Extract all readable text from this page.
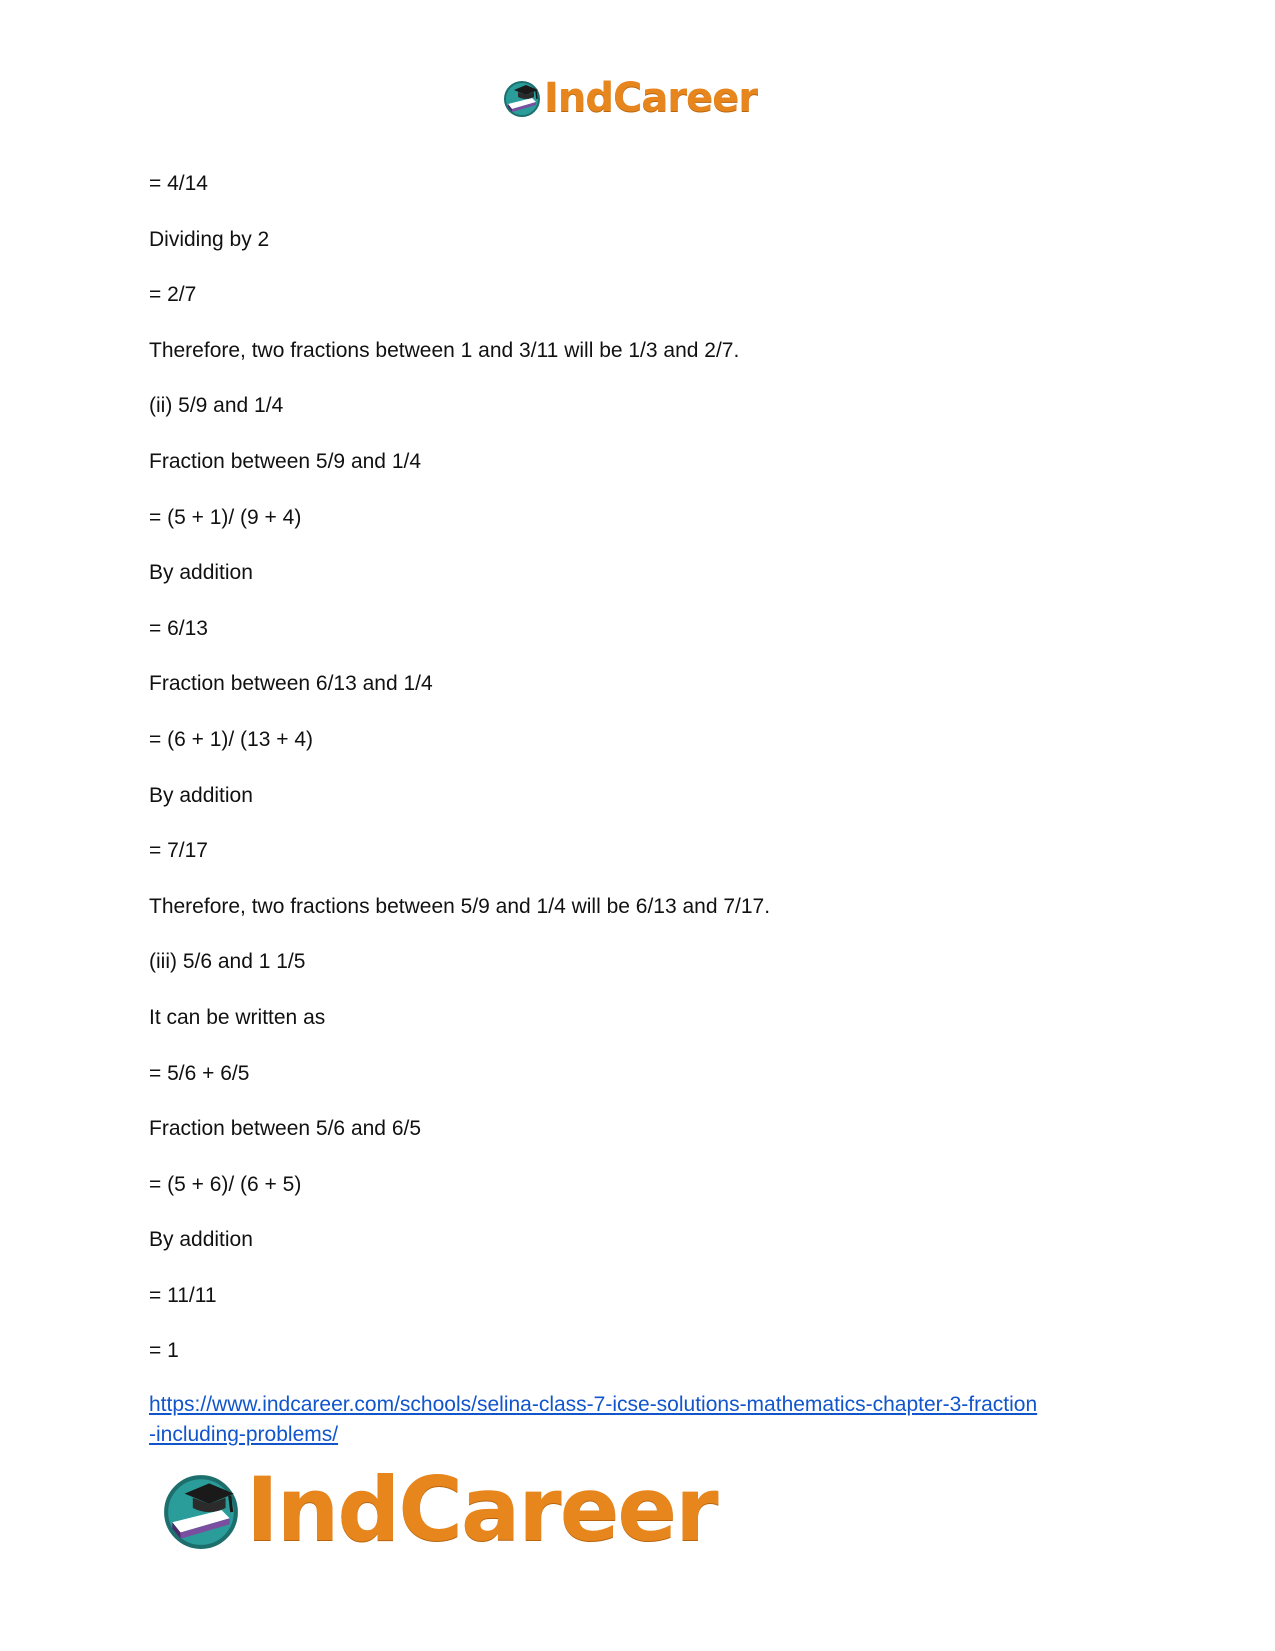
IndCareer
= 4/14
Dividing by 2
= 2/7
Therefore, two fractions between 1 and 3/11 will be 1/3 and 2/7.
(ii) 5/9 and 1/4
Fraction between 5/9 and 1/4
= (5 + 1)/ (9 + 4)
By addition
= 6/13
Fraction between 6/13 and 1/4
= (6 + 1)/ (13 + 4)
By addition
= 7/17
Therefore, two fractions between 5/9 and 1/4 will be 6/13 and 7/17.
(iii) 5/6 and 1 1/5
It can be written as
= 5/6 + 6/5
Fraction between 5/6 and 6/5
= (5 + 6)/ (6 + 5)
By addition
= 11/11
= 1
https://www.indcareer.com/schools/selina-class-7-icse-solutions-mathematics-chapter-3-fraction
-including-problems/
IndCareer
